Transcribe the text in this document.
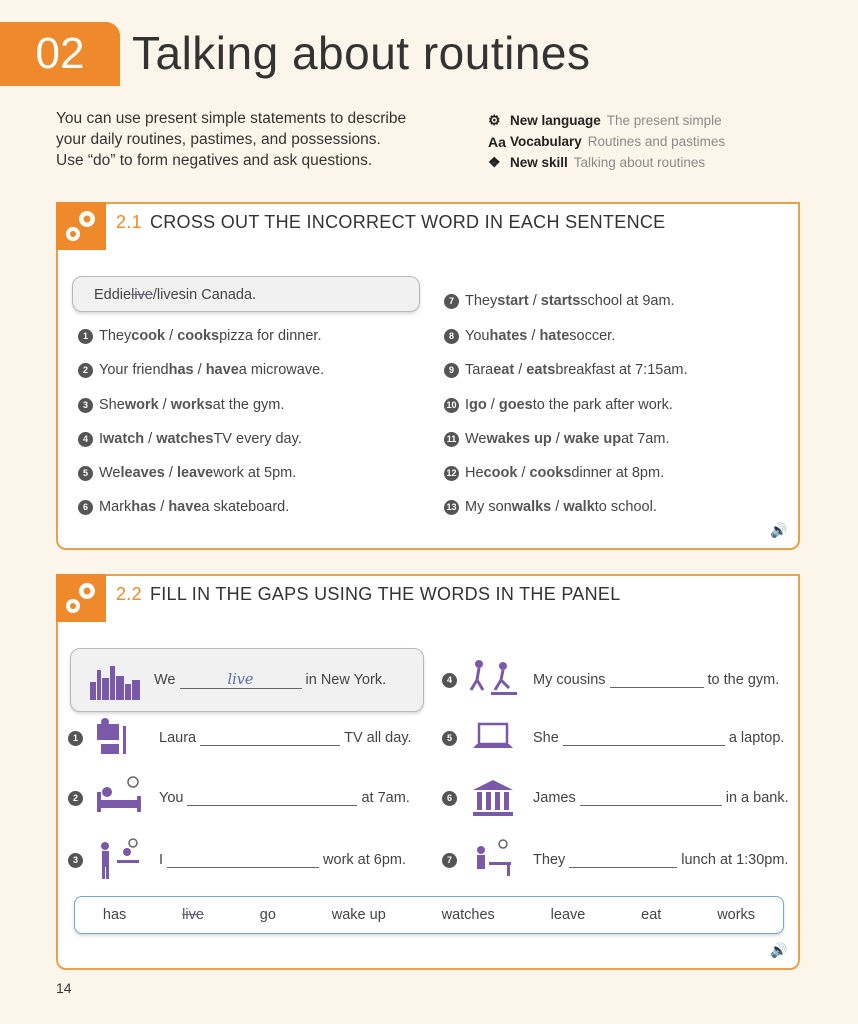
02	Talking about routines
You can use present simple statements to describe
your daily routines, pastimes, and possessions.
Use “do” to form negatives and ask questions.
⚙ New language The present simple
Aa Vocabulary Routines and pastimes
❖ New skill Talking about routines
2.1 CROSS OUT THE INCORRECT WORD IN EACH SENTENCE
Eddie live / lives in Canada.
1 They cook / cooks pizza for dinner.
2 Your friend has / have a microwave.
3 She work / works at the gym.
4 I watch / watches TV every day.
5 We leaves / leave work at 5pm.
6 Mark has / have a skateboard.
7 They start / starts school at 9am.
8 You hates / hate soccer.
9 Tara eat / eats breakfast at 7:15am.
10 I go / goes to the park after work.
11 We wakes up / wake up at 7am.
12 He cook / cooks dinner at 8pm.
13 My son walks / walk to school.
🔊
2.2 FILL IN THE GAPS USING THE WORDS IN THE PANEL
We	live	in New York.
1	Laura	TV all day.
2	You	at 7am.
3	I	work at 6pm.
4	My cousins	to the gym.
5	She	a laptop.
6	James	in a bank.
7	They	lunch at 1:30pm.
has	live	go	wake up	watches	leave	eat	works
🔊
14
